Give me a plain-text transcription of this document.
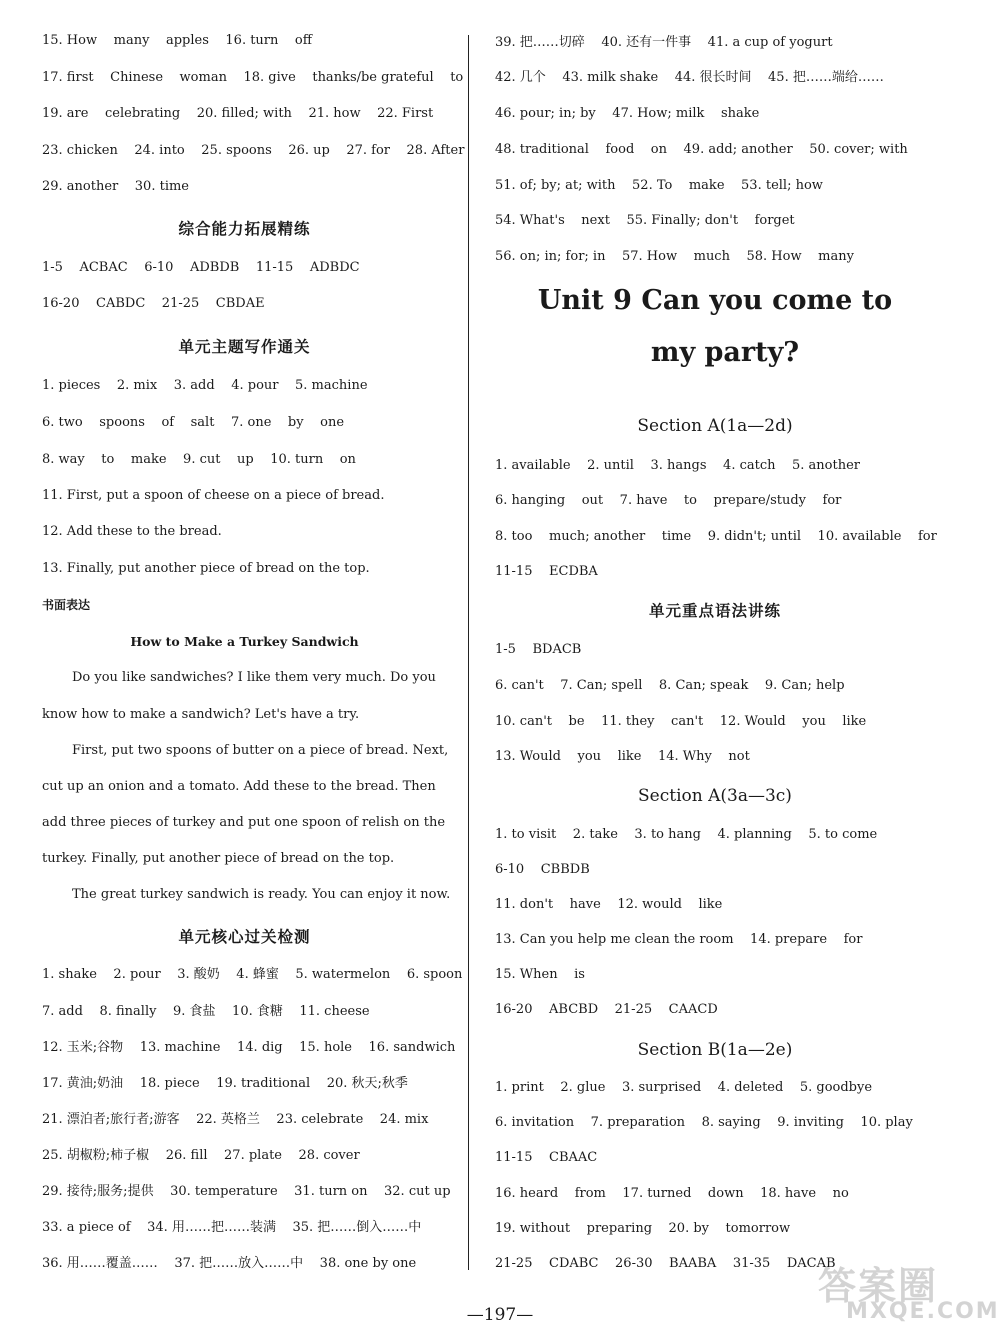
15. How    many    apples    16. turn    off
17. first    Chinese    woman    18. give    thanks/be grateful    to
19. are    celebrating    20. filled; with    21. how    22. First
23. chicken    24. into    25. spoons    26. up    27. for    28. After
29. another    30. time
综合能力拓展精练
1-5    ACBAC    6-10    ADBDB    11-15    ADBDC
16-20    CABDC    21-25    CBDAE
单元主题写作通关
1. pieces    2. mix    3. add    4. pour    5. machine
6. two    spoons    of    salt    7. one    by    one
8. way    to    make    9. cut    up    10. turn    on
11. First, put a spoon of cheese on a piece of bread.
12. Add these to the bread.
13. Finally, put another piece of bread on the top.
书面表达
How to Make a Turkey Sandwich
Do you like sandwiches? I like them very much. Do you
know how to make a sandwich? Let's have a try.
First, put two spoons of butter on a piece of bread. Next,
cut up an onion and a tomato. Add these to the bread. Then
add three pieces of turkey and put one spoon of relish on the
turkey. Finally, put another piece of bread on the top.
The great turkey sandwich is ready. You can enjoy it now.
单元核心过关检测
1. shake    2. pour    3. 酸奶    4. 蜂蜜    5. watermelon    6. spoon
7. add    8. finally    9. 食盐    10. 食糖    11. cheese
12. 玉米;谷物    13. machine    14. dig    15. hole    16. sandwich
17. 黄油;奶油    18. piece    19. traditional    20. 秋天;秋季
21. 漂泊者;旅行者;游客    22. 英格兰    23. celebrate    24. mix
25. 胡椒粉;柿子椒    26. fill    27. plate    28. cover
29. 接待;服务;提供    30. temperature    31. turn on    32. cut up
33. a piece of    34. 用……把……装满    35. 把……倒入……中
36. 用……覆盖……    37. 把……放入……中    38. one by one
39. 把……切碎    40. 还有一件事    41. a cup of yogurt
42. 几个    43. milk shake    44. 很长时间    45. 把……端给……
46. pour; in; by    47. How; milk    shake
48. traditional    food    on    49. add; another    50. cover; with
51. of; by; at; with    52. To    make    53. tell; how
54. What's    next    55. Finally; don't    forget
56. on; in; for; in    57. How    much    58. How    many
Unit 9 Can you come to
my party?
Section A(1a—2d)
1. available    2. until    3. hangs    4. catch    5. another
6. hanging    out    7. have    to    prepare/study    for
8. too    much; another    time    9. didn't; until    10. available    for
11-15    ECDBA
单元重点语法讲练
1-5    BDACB
6. can't    7. Can; spell    8. Can; speak    9. Can; help
10. can't    be    11. they    can't    12. Would    you    like
13. Would    you    like    14. Why    not
Section A(3a—3c)
1. to visit    2. take    3. to hang    4. planning    5. to come
6-10    CBBDB
11. don't    have    12. would    like
13. Can you help me clean the room    14. prepare    for
15. When    is
16-20    ABCBD    21-25    CAACD
Section B(1a—2e)
1. print    2. glue    3. surprised    4. deleted    5. goodbye
6. invitation    7. preparation    8. saying    9. inviting    10. play
11-15    CBAAC
16. heard    from    17. turned    down    18. have    no
19. without    preparing    20. by    tomorrow
21-25    CDABC    26-30    BAABA    31-35    DACAB
—197—
答案圈
MXQE.COM
